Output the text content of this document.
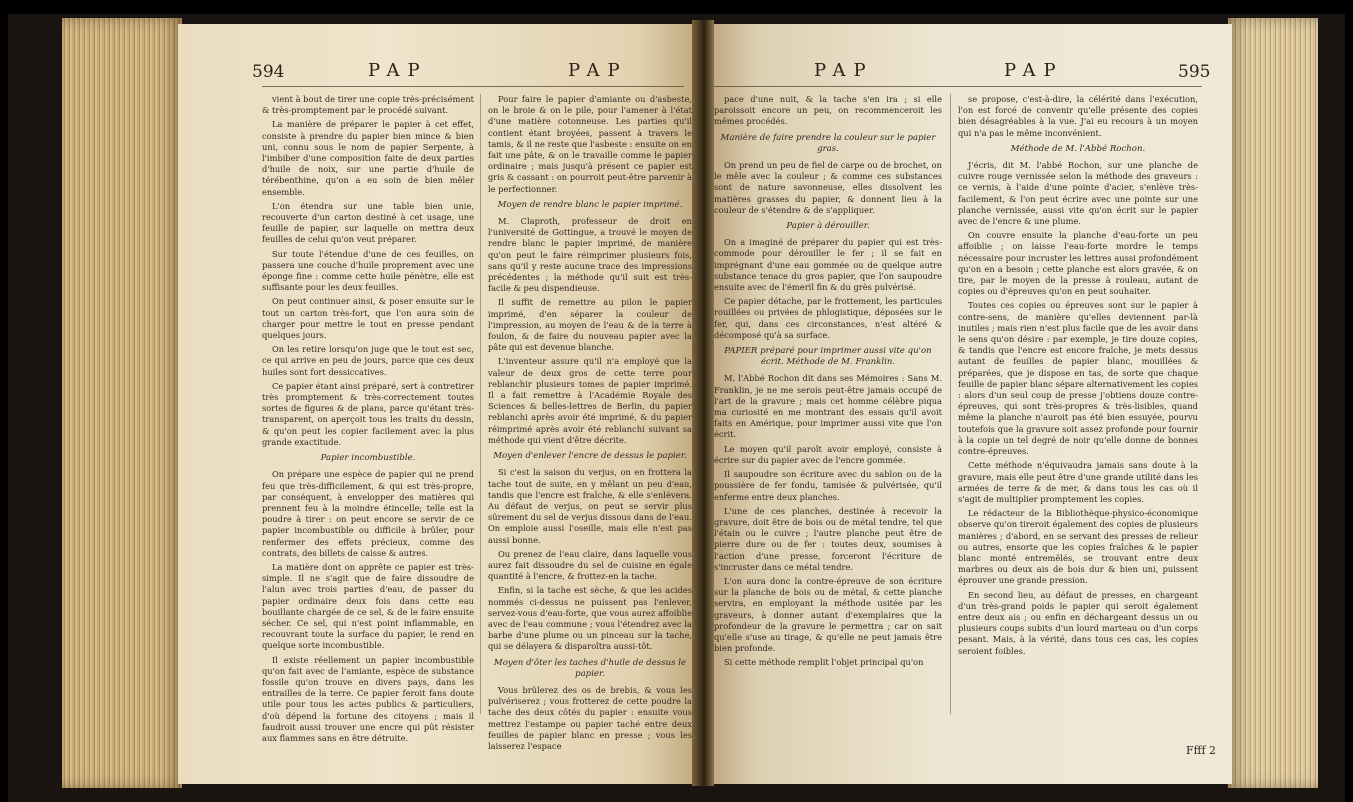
594	PAP	PAP

vient à bout de tirer une copie très-précisément & très-promptement par le procédé suivant.

La manière de préparer le papier à cet effet, consiste à prendre du papier bien mince & bien uni, connu sous le nom de papier Serpente, à l'imbiber d'une composition faite de deux parties d'huile de noix, sur une partie d'huile de térébenthine, qu'on a eu soin de bien mêler ensemble.

L'on étendra sur une table bien unie, recouverte d'un carton destiné à cet usage, une feuille de papier, sur laquelle on mettra deux feuilles de celui qu'on veut préparer.

Sur toute l'étendue d'une de ces feuilles, on passera une couche d'huile proprement avec une éponge fine : comme cette huile pénètre, elle est suffisante pour les deux feuilles.

On peut continuer ainsi, & poser ensuite sur le tout un carton très-fort, que l'on aura soin de charger pour mettre le tout en presse pendant quelques jours.

On les retire lorsqu'on juge que le tout est sec, ce qui arrive en peu de jours, parce que ces deux huiles sont fort dessiccatives.

Ce papier étant ainsi préparé, sert à contretirer très promptement & très-correctement toutes sortes de figures & de plans, parce qu'étant très-transparent, on aperçoit tous les traits du dessin, & qu'on peut les copier facilement avec la plus grande exactitude.

Papier incombustible.

On prépare une espèce de papier qui ne prend feu que très-difficilement, & qui est très-propre, par conséquent, à envelopper des matières qui prennent feu à la moindre étincelle; telle est la poudre à tirer : on peut encore se servir de ce papier incombustible ou difficile à brûler, pour renfermer des effets précieux, comme des contrats, des billets de caisse & autres.

La matière dont on apprête ce papier est très-simple. Il ne s'agit que de faire dissoudre de l'alun avec trois parties d'eau, de passer du papier ordinaire deux fois dans cette eau bouillante chargée de ce sel, & de le faire ensuite sécher. Ce sel, qui n'est point inflammable, en recouvrant toute la surface du papier, le rend en quelque sorte incombustible.

Il existe réellement un papier incombustible qu'on fait avec de l'amiante, espèce de substance fossile qu'on trouve en divers pays, dans les entrailles de la terre. Ce papier feroit fans doute utile pour tous les actes publics & particuliers, d'où dépend la fortune des citoyens ; mais il faudroit aussi trouver une encre qui pût résister aux flammes sans en être détruite.

Pour faire le papier d'amiante ou d'asbeste, on le broie & on le pile, pour l'amener à l'état d'une matière cotonneuse. Les parties qu'il contient étant broyées, passent à travers le tamis, & il ne reste que l'asbeste : ensuite on en fait une pâte, & on le travaille comme le papier ordinaire ; mais jusqu'à présent ce papier est gris & cassant : on pourroit peut-être parvenir à le perfectionner.

Moyen de rendre blanc le papier imprimé.

M. Claproth, professeur de droit en l'université de Gottingue, a trouvé le moyen de rendre blanc le papier imprimé, de manière qu'on peut le faire réimprimer plusieurs fois, sans qu'il y reste aucune trace des impressions précédentes ; la méthode qu'il suit est très-facile & peu dispendieuse.

Il suffit de remettre au pilon le papier imprimé, d'en séparer la couleur de l'impression, au moyen de l'eau & de la terre à foulon, & de faire du nouveau papier avec la pâte qui est devenue blanche.

L'inventeur assure qu'il n'a employé que la valeur de deux gros de cette terre pour reblanchir plusieurs tomes de papier imprimé. Il a fait remettre à l'Académie Royale des Sciences & belles-lettres de Berlin, du papier reblanchi après avoir été imprimé, & du papier réimprimé après avoir été reblanchi suivant sa méthode qui vient d'être décrite.

Moyen d'enlever l'encre de dessus le papier.

Si c'est la saison du verjus, on en frottera la tache tout de suite, en y mêlant un peu d'eau, tandis que l'encre est fraîche, & elle s'enlèvera. Au défaut de verjus, on peut se servir plus sûrement du sel de verjus dissous dans de l'eau. On emploie aussi l'oseille, mais elle n'est pas aussi bonne.

Ou prenez de l'eau claire, dans laquelle vous aurez fait dissoudre du sel de cuisine en égale quantité à l'encre, & frottez-en la tache.

Enfin, si la tache est sèche, & que les acides nommés ci-dessus ne puissent pas l'enlever, servez-vous d'eau-forte, que vous aurez affoiblie avec de l'eau commune ; vous l'étendrez avec la barbe d'une plume ou un pinceau sur la tache, qui se délayera & disparoîtra aussi-tôt.

Moyen d'ôter les taches d'huile de dessus le papier.

Vous brûlerez des os de brebis, & vous les pulvériserez ; vous frotterez de cette poudre la tache des deux côtés du papier : ensuite vous mettrez l'estampe ou papier taché entre deux feuilles de papier blanc en presse ; vous les laisserez l'espace

PAP	PAP	595

pace d'une nuit, & la tache s'en ira ; si elle paroissoit encore un peu, on recommenceroit les mêmes procédés.

Manière de faire prendre la couleur sur le papier gras.

On prend un peu de fiel de carpe ou de brochet, on le mêle avec la couleur ; & comme ces substances sont de nature savonneuse, elles dissolvent les matières grasses du papier, & donnent lieu à la couleur de s'étendre & de s'appliquer.

Papier à dérouiller.

On a imaginé de préparer du papier qui est très-commode pour dérouiller le fer ; il se fait en imprégnant d'une eau gommée ou de quelque autre substance tenace du gros papier, que l'on saupoudre ensuite avec de l'émeril fin & du grès pulvérisé.

Ce papier détache, par le frottement, les particules rouillées ou privées de phlogistique, déposées sur le fer, qui, dans ces circonstances, n'est altéré & décomposé qu'à sa surface.

PAPIER préparé pour imprimer aussi vite qu'on écrit. Méthode de M. Franklin.

M. l'Abbé Rochon dit dans ses Mémoires : Sans M. Franklin, je ne me serois peut-être jamais occupé de l'art de la gravure ; mais cet homme célèbre piqua ma curiosité en me montrant des essais qu'il avoit faits en Amérique, pour imprimer aussi vite que l'on écrit.

Le moyen qu'il paroît avoir employé, consiste à écrire sur du papier avec de l'encre gommée.

Il saupoudre son écriture avec du sablon ou de la poussière de fer fondu, tamisée & pulvérisée, qu'il enferme entre deux planches.

L'une de ces planches, destinée à recevoir la gravure, doit être de bois ou de métal tendre, tel que l'étain ou le cuivre ; l'autre planche peut être de pierre dure ou de fer : toutes deux, soumises à l'action d'une presse, forceront l'écriture de s'incruster dans ce métal tendre.

L'on aura donc la contre-épreuve de son écriture sur la planche de bois ou de métal, & cette planche servira, en employant la méthode usitée par les graveurs, à donner autant d'exemplaires que la profondeur de la gravure le permettra ; car on sait qu'elle s'use au tirage, & qu'elle ne peut jamais être bien profonde.

Si cette méthode remplit l'objet principal qu'on

se propose, c'est-à-dire, la célérité dans l'exécution, l'on est forcé de convenir qu'elle présente des copies bien désagréables à la vue. J'ai eu recours à un moyen qui n'a pas le même inconvénient.

Méthode de M. l'Abbé Rochon.

J'écris, dit M. l'abbé Rochon, sur une planche de cuivre rouge vernissée selon la méthode des graveurs : ce vernis, à l'aide d'une pointe d'acier, s'enlève très-facilement, & l'on peut écrire avec une pointe sur une planche vernissée, aussi vite qu'on écrit sur le papier avec de l'encre & une plume.

On couvre ensuite la planche d'eau-forte un peu affoiblie ; on laisse l'eau-forte mordre le temps nécessaire pour incruster les lettres aussi profondément qu'on en a besoin ; cette planche est alors gravée, & on tire, par le moyen de la presse à rouleau, autant de copies ou d'épreuves qu'on en peut souhaiter.

Toutes ces copies ou épreuves sont sur le papier à contre-sens, de manière qu'elles deviennent par-là inutiles ; mais rien n'est plus facile que de les avoir dans le sens qu'on désire : par exemple, je tire douze copies, & tandis que l'encre est encore fraîche, je mets dessus autant de feuilles de papier blanc, mouillées & préparées, que je dispose en tas, de sorte que chaque feuille de papier blanc sépare alternativement les copies : alors d'un seul coup de presse j'obtiens douze contre-épreuves, qui sont très-propres & très-lisibles, quand même la planche n'auroit pas été bien essuyée, pourvu toutefois que la gravure soit assez profonde pour fournir à la copie un tel degré de noir qu'elle donne de bonnes contre-épreuves.

Cette méthode n'équivaudra jamais sans doute à la gravure, mais elle peut être d'une grande utilité dans les armées de terre & de mer, & dans tous les cas où il s'agit de multiplier promptement les copies.

Le rédacteur de la Bibliothèque-physico-économique observe qu'on tireroit également des copies de plusieurs manières ; d'abord, en se servant des presses de relieur ou autres, ensorte que les copies fraîches & le papier blanc monté entremêlés, se trouvant entre deux marbres ou deux ais de bois dur & bien uni, puissent éprouver une grande pression.

En second lieu, au défaut de presses, en chargeant d'un très-grand poids le papier qui seroit également entre deux ais ; ou enfin en déchargeant dessus un ou plusieurs coups subits d'un lourd marteau ou d'un corps pesant. Mais, à la vérité, dans tous ces cas, les copies seroient foibles.

Ffff 2
